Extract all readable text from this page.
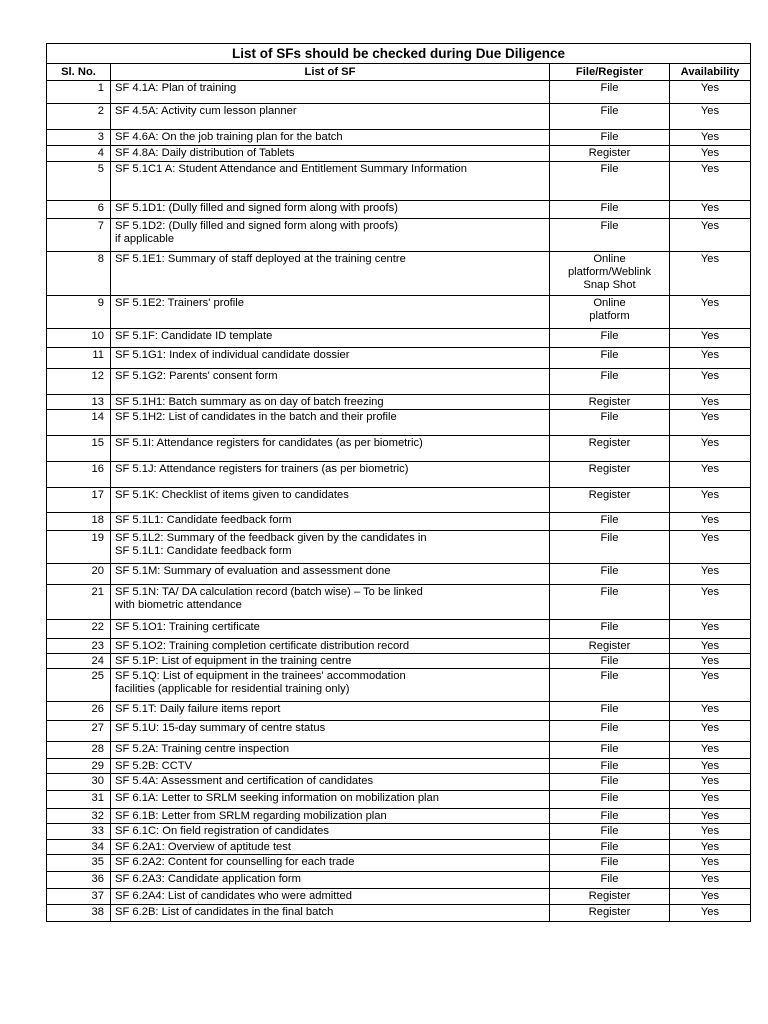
List of SFs should be checked during Due Diligence			
Sl. No.	List of SF	File/Register	Availability
1	SF 4.1A: Plan of training	File	Yes
2	SF 4.5A: Activity cum lesson planner	File	Yes
3	SF 4.6A: On the job training plan for the batch	File	Yes
4	SF 4.8A: Daily distribution of Tablets	Register	Yes
5	SF 5.1C1 A: Student Attendance and Entitlement Summary Information	File	Yes
6	SF 5.1D1: (Dully filled and signed form along with proofs)	File	Yes
7	SF 5.1D2: (Dully filled and signed form along with proofs)
if applicable	File	Yes
8	SF 5.1E1: Summary of staff deployed at the training centre	Online
platform/Weblink
Snap Shot	Yes
9	SF 5.1E2: Trainers' profile	Online
platform	Yes
10	SF 5.1F: Candidate ID template	File	Yes
11	SF 5.1G1: Index of individual candidate dossier	File	Yes
12	SF 5.1G2: Parents' consent form	File	Yes
13	SF 5.1H1: Batch summary as on day of batch freezing	Register	Yes
14	SF 5.1H2: List of candidates in the batch and their profile	File	Yes
15	SF 5.1I: Attendance registers for candidates (as per biometric)	Register	Yes
16	SF 5.1J: Attendance registers for trainers (as per biometric)	Register	Yes
17	SF 5.1K: Checklist of items given to candidates	Register	Yes
18	SF 5.1L1: Candidate feedback form	File	Yes
19	SF 5.1L2: Summary of the feedback given by the candidates in
SF 5.1L1: Candidate feedback form	File	Yes
20	SF 5.1M: Summary of evaluation and assessment done	File	Yes
21	SF 5.1N: TA/ DA calculation record (batch wise) – To be linked
with biometric attendance	File	Yes
22	SF 5.1O1: Training certificate	File	Yes
23	SF 5.1O2: Training completion certificate distribution record	Register	Yes
24	SF 5.1P: List of equipment in the training centre	File	Yes
25	SF 5.1Q: List of equipment in the trainees' accommodation
facilities (applicable for residential training only)	File	Yes
26	SF 5.1T: Daily failure items report	File	Yes
27	SF 5.1U: 15-day summary of centre status	File	Yes
28	SF 5.2A: Training centre inspection	File	Yes
29	SF 5.2B: CCTV	File	Yes
30	SF 5.4A: Assessment and certification of candidates	File	Yes
31	SF 6.1A: Letter to SRLM seeking information on mobilization plan	File	Yes
32	SF 6.1B: Letter from SRLM regarding mobilization plan	File	Yes
33	SF 6.1C: On field registration of candidates	File	Yes
34	SF 6.2A1: Overview of aptitude test	File	Yes
35	SF 6.2A2: Content for counselling for each trade	File	Yes
36	SF 6.2A3: Candidate application form	File	Yes
37	SF 6.2A4: List of candidates who were admitted	Register	Yes
38	SF 6.2B: List of candidates in the final batch	Register	Yes
